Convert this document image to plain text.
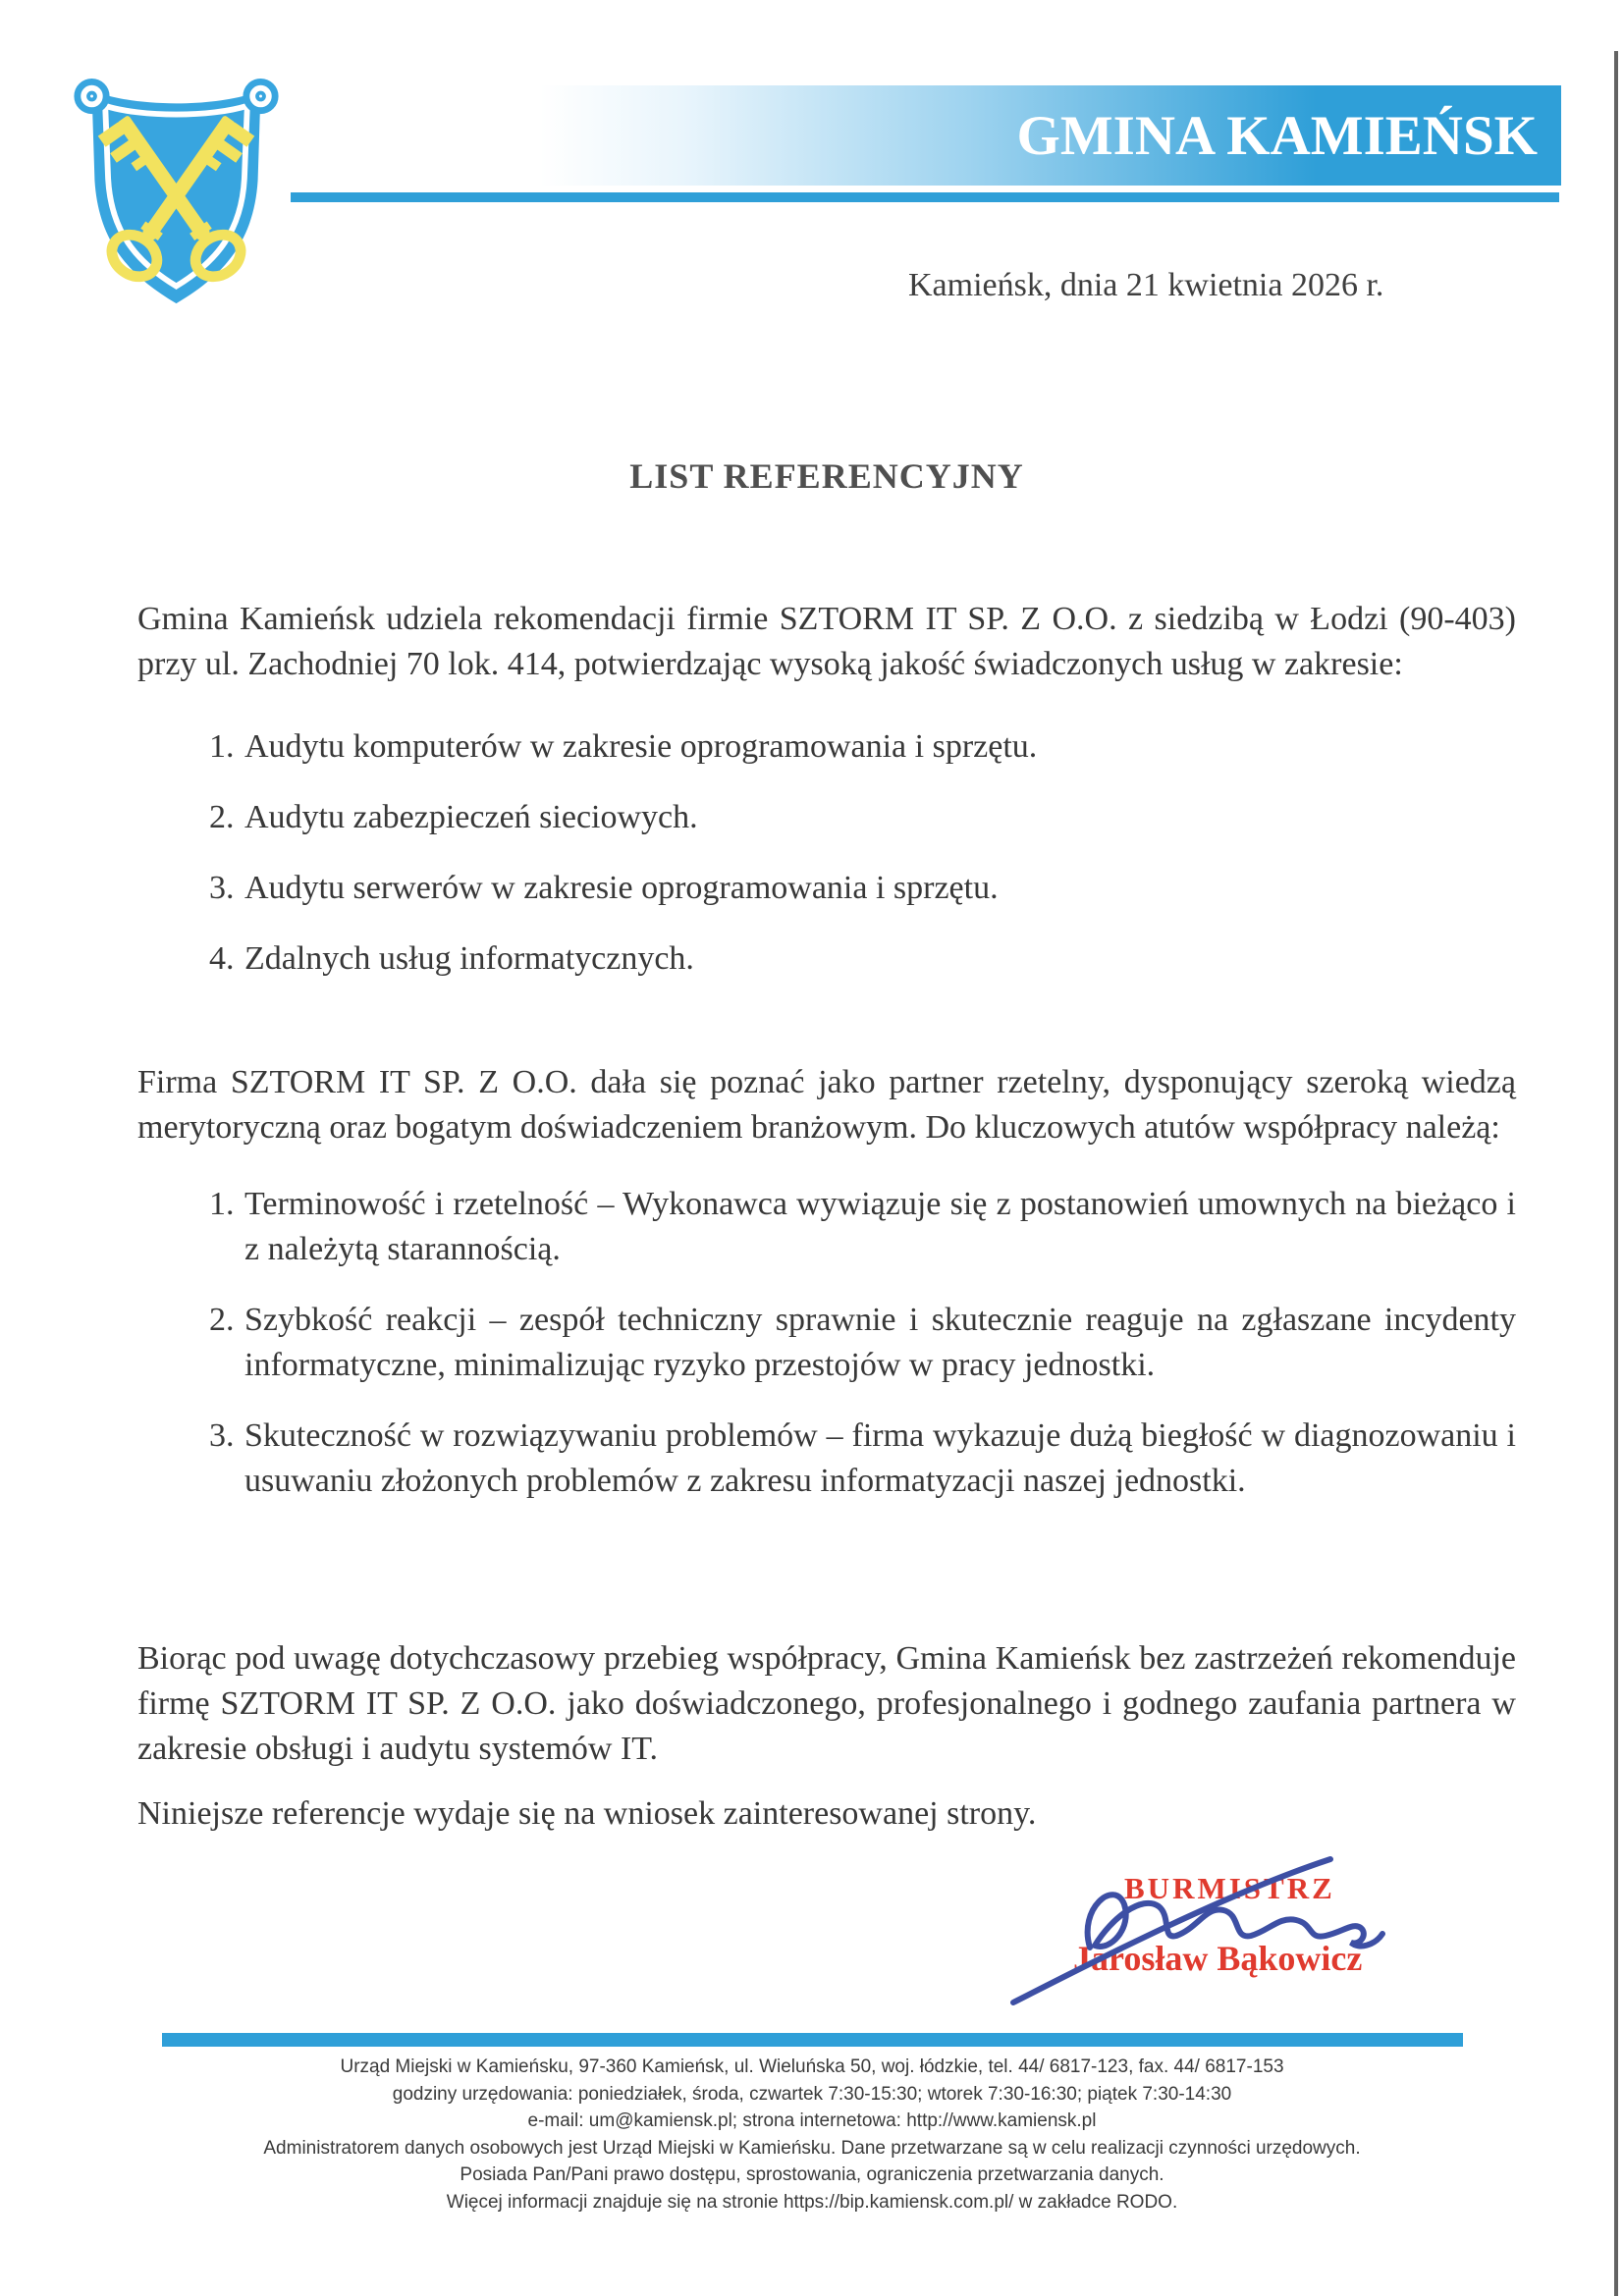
GMINA KAMIEŃSK
Kamieńsk, dnia 21 kwietnia 2026 r.
LIST REFERENCYJNY

Gmina Kamieńsk udziela rekomendacji firmie SZTORM IT SP. Z O.O. z siedzibą w Łodzi (90-403) przy ul. Zachodniej 70 lok. 414, potwierdzając wysoką jakość świadczonych usług w zakresie:

1. Audytu komputerów w zakresie oprogramowania i sprzętu.
2. Audytu zabezpieczeń sieciowych.
3. Audytu serwerów w zakresie oprogramowania i sprzętu.
4. Zdalnych usług informatycznych.

Firma SZTORM IT SP. Z O.O. dała się poznać jako partner rzetelny, dysponujący szeroką wiedzą merytoryczną oraz bogatym doświadczeniem branżowym. Do kluczowych atutów współpracy należą:

1. Terminowość i rzetelność – Wykonawca wywiązuje się z postanowień umownych na bieżąco i z należytą starannością.
2. Szybkość reakcji – zespół techniczny sprawnie i skutecznie reaguje na zgłaszane incydenty informatyczne, minimalizując ryzyko przestojów w pracy jednostki.
3. Skuteczność w rozwiązywaniu problemów – firma wykazuje dużą biegłość w diagnozowaniu i usuwaniu złożonych problemów z zakresu informatyzacji naszej jednostki.

Biorąc pod uwagę dotychczasowy przebieg współpracy, Gmina Kamieńsk bez zastrzeżeń rekomenduje firmę SZTORM IT SP. Z O.O. jako doświadczonego, profesjonalnego i godnego zaufania partnera w zakresie obsługi i audytu systemów IT.

Niniejsze referencje wydaje się na wniosek zainteresowanej strony.

BURMISTRZ
Jarosław Bąkowicz
Urząd Miejski w Kamieńsku, 97-360 Kamieńsk, ul. Wieluńska 50, woj. łódzkie, tel. 44/ 6817-123, fax. 44/ 6817-153
godziny urzędowania: poniedziałek, środa, czwartek 7:30-15:30; wtorek 7:30-16:30; piątek 7:30-14:30
e-mail: um@kamiensk.pl; strona internetowa: http://www.kamiensk.pl
Administratorem danych osobowych jest Urząd Miejski w Kamieńsku. Dane przetwarzane są w celu realizacji czynności urzędowych.
Posiada Pan/Pani prawo dostępu, sprostowania, ograniczenia przetwarzania danych.
Więcej informacji znajduje się na stronie https://bip.kamiensk.com.pl/ w zakładce RODO.
